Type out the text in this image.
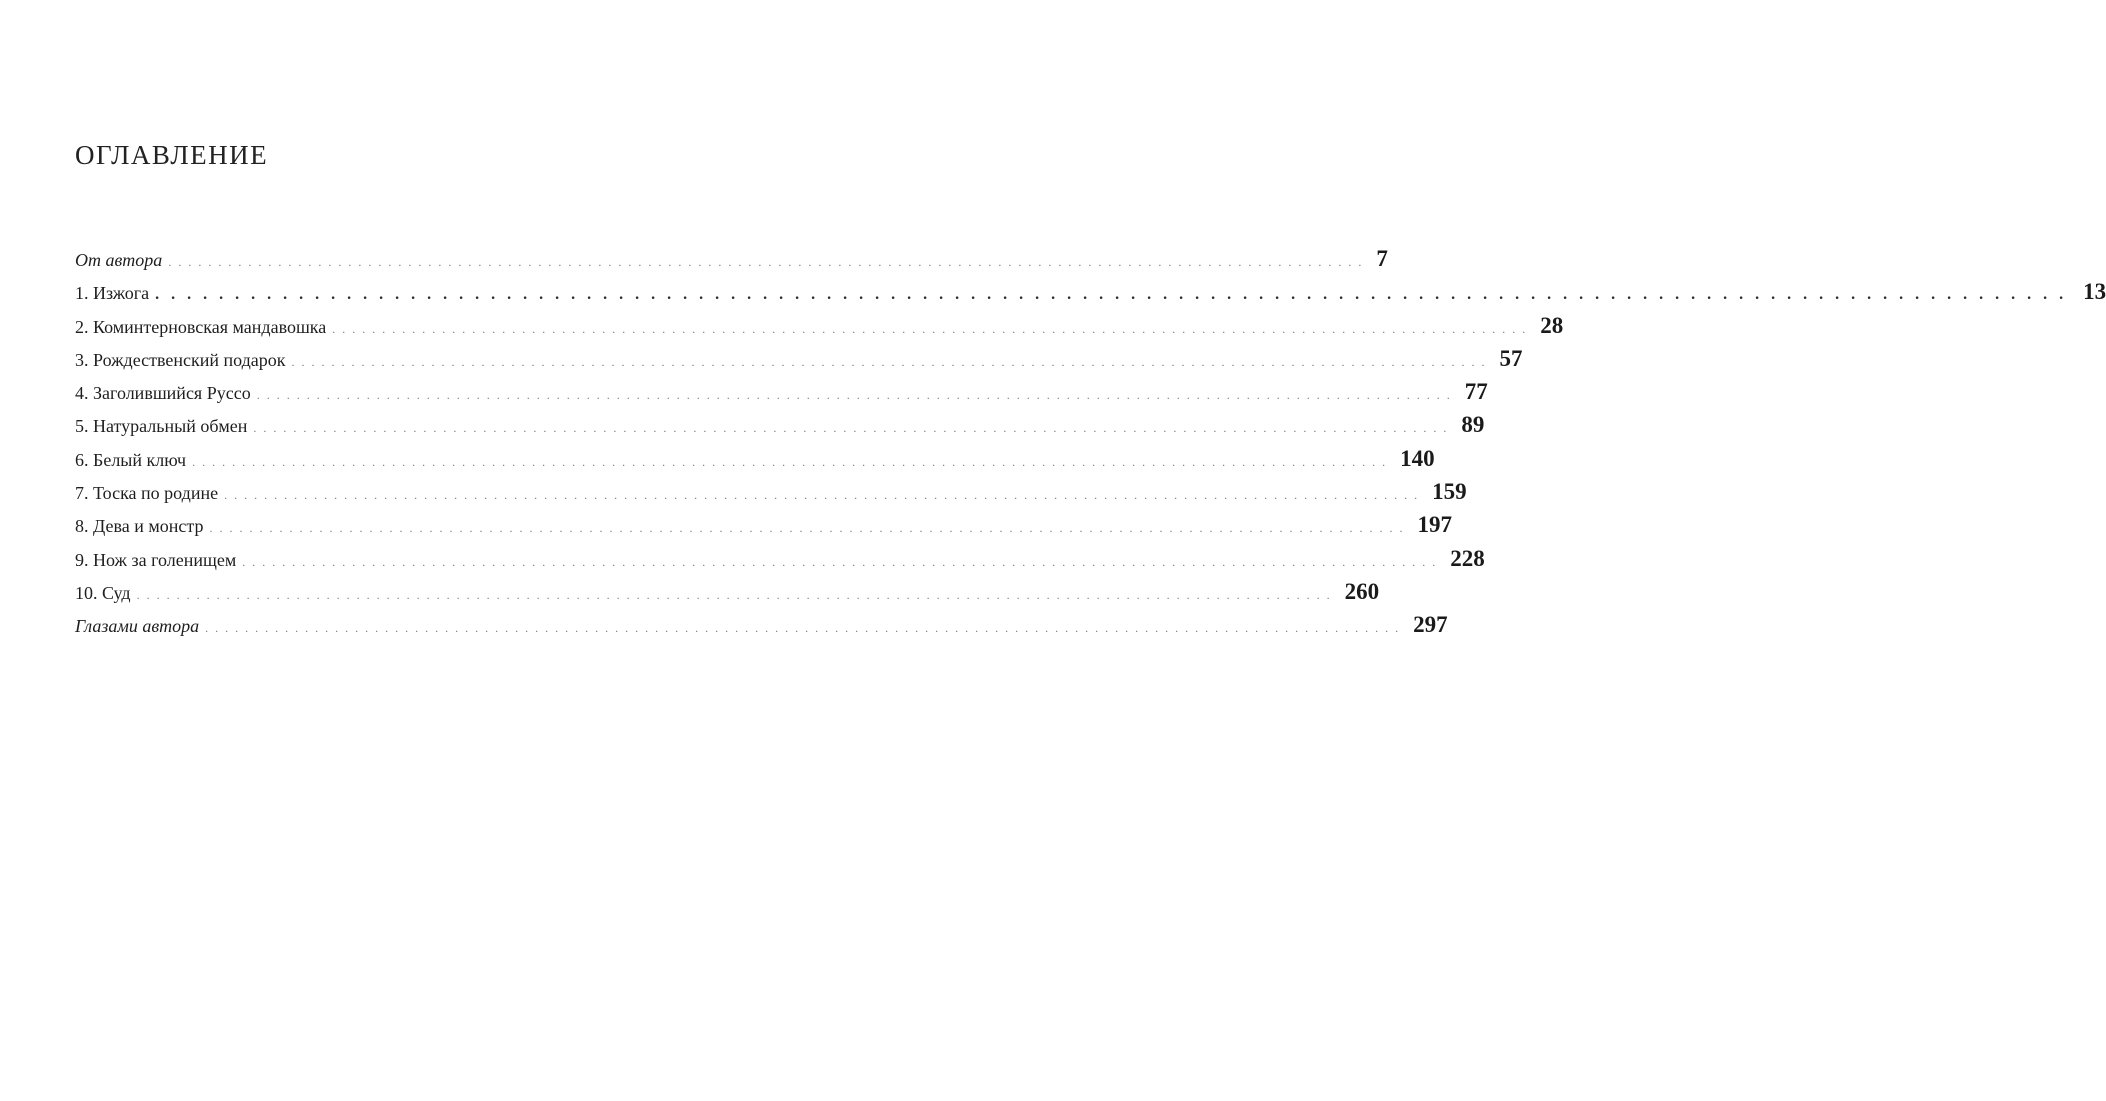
ОГЛАВЛЕНИЕ
От автора ........................................................................................................................ 7
1. Изжога ........................................................................................................................ 13
2. Коминтерновская мандавошка ........................................................................................................................ 28
3. Рождественский подарок ........................................................................................................................ 57
4. Заголившийся Руссо ........................................................................................................................ 77
5. Натуральный обмен ........................................................................................................................ 89
6. Белый ключ ........................................................................................................................ 140
7. Тоска по родине ........................................................................................................................ 159
8. Дева и монстр ........................................................................................................................ 197
9. Нож за голенищем ........................................................................................................................ 228
10. Суд ........................................................................................................................ 260
Глазами автора ........................................................................................................................ 297
